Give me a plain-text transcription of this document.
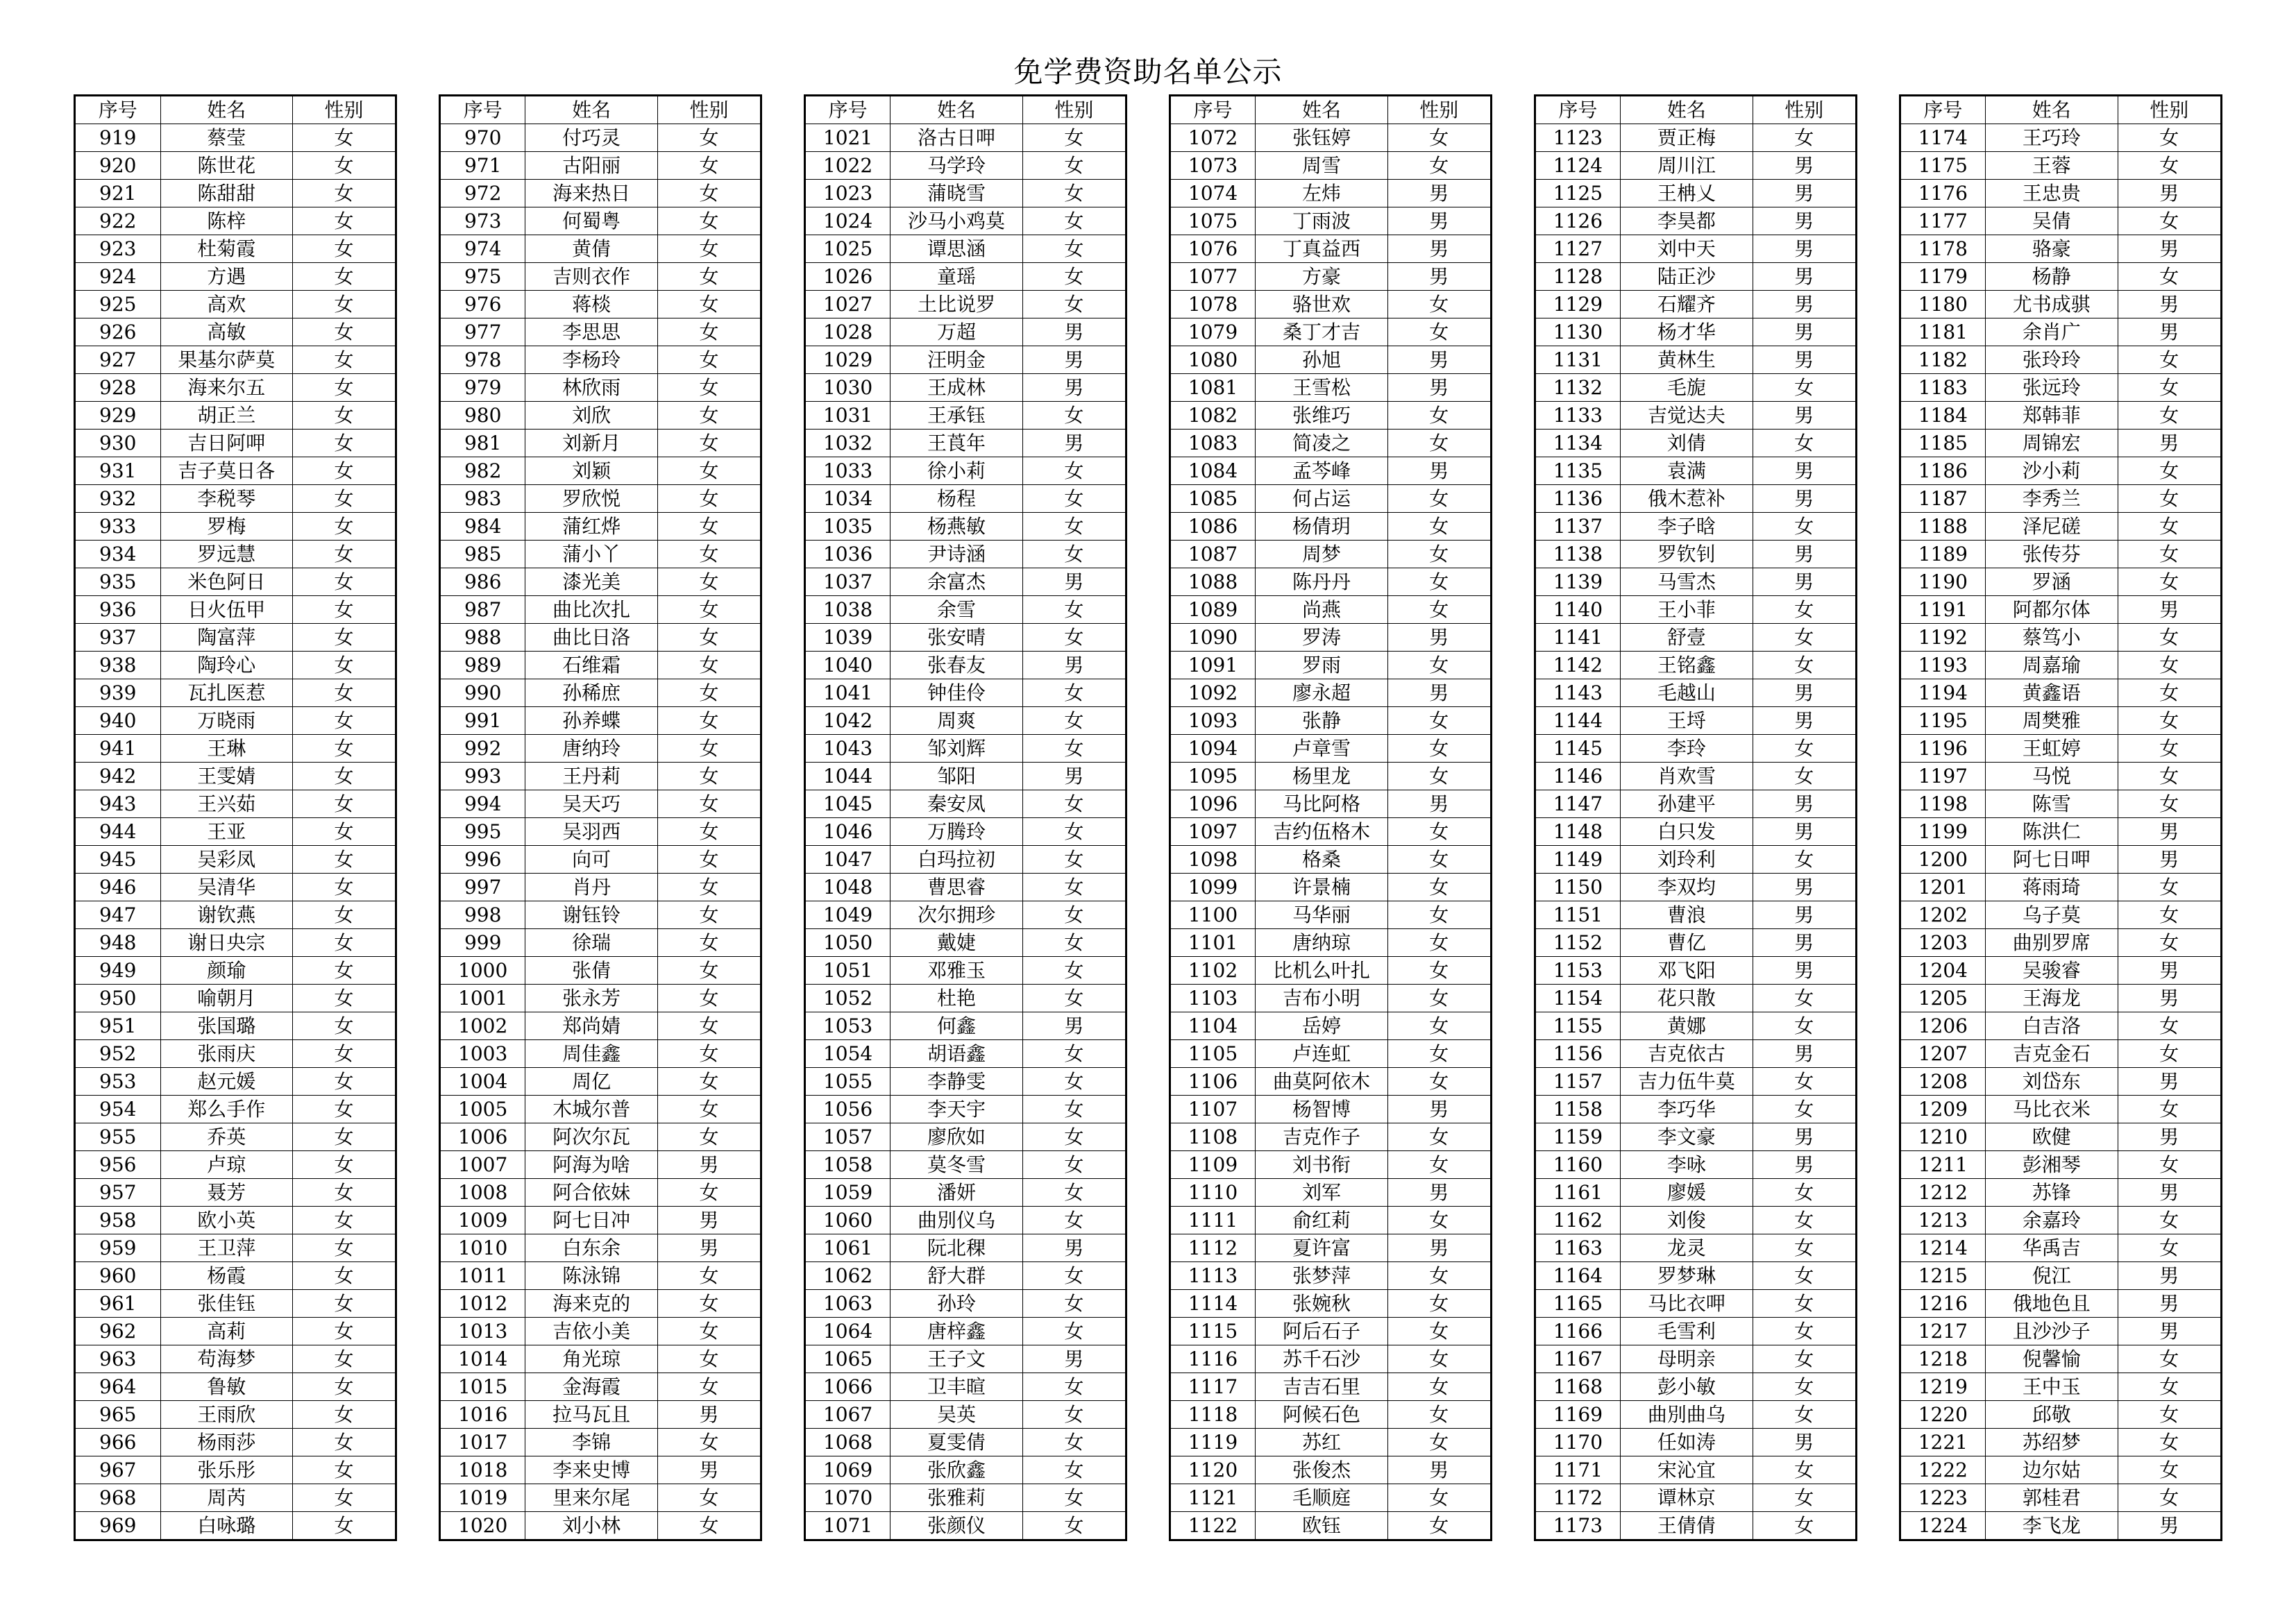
免学费资助名单公示
序号	姓名	性别		序号	姓名	性别		序号	姓名	性别		序号	姓名	性别		序号	姓名	性别		序号	姓名	性别
919	蔡莹	女		970	付巧灵	女		1021	洛古日呷	女		1072	张钰婷	女		1123	贾正梅	女		1174	王巧玲	女
920	陈世花	女		971	古阳丽	女		1022	马学玲	女		1073	周雪	女		1124	周川江	男		1175	王蓉	女
921	陈甜甜	女		972	海来热日	女		1023	蒲晓雪	女		1074	左炜	男		1125	王柟乂	男		1176	王忠贵	男
922	陈梓	女		973	何蜀粤	女		1024	沙马小鸡莫	女		1075	丁雨波	男		1126	李昊都	男		1177	吴倩	女
923	杜菊霞	女		974	黄倩	女		1025	谭思涵	女		1076	丁真益西	男		1127	刘中天	男		1178	骆豪	男
924	方遇	女		975	吉则衣作	女		1026	童瑶	女		1077	方豪	男		1128	陆正沙	男		1179	杨静	女
925	高欢	女		976	蒋棪	女		1027	土比说罗	女		1078	骆世欢	女		1129	石耀齐	男		1180	尤书成骐	男
926	高敏	女		977	李思思	女		1028	万超	男		1079	桑丁才吉	女		1130	杨才华	男		1181	余肖广	男
927	果基尔萨莫	女		978	李杨玲	女		1029	汪明金	男		1080	孙旭	男		1131	黄林生	男		1182	张玲玲	女
928	海来尔五	女		979	林欣雨	女		1030	王成林	男		1081	王雪松	男		1132	毛旎	女		1183	张远玲	女
929	胡正兰	女		980	刘欣	女		1031	王承钰	女		1082	张维巧	女		1133	吉觉达夫	男		1184	郑韩菲	女
930	吉日阿呷	女		981	刘新月	女		1032	王莨年	男		1083	简凌之	女		1134	刘倩	女		1185	周锦宏	男
931	吉子莫日各	女		982	刘颖	女		1033	徐小莉	女		1084	孟芩峰	男		1135	袁满	男		1186	沙小莉	女
932	李税琴	女		983	罗欣悦	女		1034	杨程	女		1085	何占运	女		1136	俄木惹补	男		1187	李秀兰	女
933	罗梅	女		984	蒲红烨	女		1035	杨燕敏	女		1086	杨倩玥	女		1137	李子晗	女		1188	泽尼磋	女
934	罗远慧	女		985	蒲小丫	女		1036	尹诗涵	女		1087	周梦	女		1138	罗钦钊	男		1189	张传芬	女
935	米色阿日	女		986	漆光美	女		1037	余富杰	男		1088	陈丹丹	女		1139	马雪杰	男		1190	罗涵	女
936	日火伍甲	女		987	曲比次扎	女		1038	余雪	女		1089	尚燕	女		1140	王小菲	女		1191	阿都尔体	男
937	陶富萍	女		988	曲比日洛	女		1039	张安晴	女		1090	罗涛	男		1141	舒壹	女		1192	蔡笃小	女
938	陶玲心	女		989	石维霜	女		1040	张春友	男		1091	罗雨	女		1142	王铭鑫	女		1193	周嘉瑜	女
939	瓦扎医惹	女		990	孙稀庶	女		1041	钟佳伶	女		1092	廖永超	男		1143	毛越山	男		1194	黄鑫语	女
940	万晓雨	女		991	孙养蝶	女		1042	周爽	女		1093	张静	女		1144	王埒	男		1195	周樊雅	女
941	王琳	女		992	唐纳玲	女		1043	邹刘辉	女		1094	卢章雪	女		1145	李玲	女		1196	王虹婷	女
942	王雯婧	女		993	王丹莉	女		1044	邹阳	男		1095	杨里龙	女		1146	肖欢雪	女		1197	马悦	女
943	王兴茹	女		994	吴天巧	女		1045	秦安凤	女		1096	马比阿格	男		1147	孙建平	男		1198	陈雪	女
944	王亚	女		995	吴羽西	女		1046	万腾玲	女		1097	吉约伍格木	女		1148	白只发	男		1199	陈洪仁	男
945	吴彩凤	女		996	向可	女		1047	白玛拉初	女		1098	格桑	女		1149	刘玲利	女		1200	阿七日呷	男
946	吴清华	女		997	肖丹	女		1048	曹思睿	女		1099	许景楠	女		1150	李双均	男		1201	蒋雨琦	女
947	谢钦燕	女		998	谢钰铃	女		1049	次尔拥珍	女		1100	马华丽	女		1151	曹浪	男		1202	乌子莫	女
948	谢日央宗	女		999	徐瑞	女		1050	戴婕	女		1101	唐纳琼	女		1152	曹亿	男		1203	曲别罗席	女
949	颜瑜	女		1000	张倩	女		1051	邓雅玉	女		1102	比机么叶扎	女		1153	邓飞阳	男		1204	吴骏睿	男
950	喻朝月	女		1001	张永芳	女		1052	杜艳	女		1103	吉布小明	女		1154	花只散	女		1205	王海龙	男
951	张国璐	女		1002	郑尚婧	女		1053	何鑫	男		1104	岳婷	女		1155	黄娜	女		1206	白吉洛	女
952	张雨庆	女		1003	周佳鑫	女		1054	胡语鑫	女		1105	卢连虹	女		1156	吉克依古	男		1207	吉克金石	女
953	赵元媛	女		1004	周亿	女		1055	李静雯	女		1106	曲莫阿依木	女		1157	吉力伍牛莫	女		1208	刘岱东	男
954	郑么手作	女		1005	木城尔普	女		1056	李天宇	女		1107	杨智博	男		1158	李巧华	女		1209	马比衣米	女
955	乔英	女		1006	阿次尔瓦	女		1057	廖欣如	女		1108	吉克作子	女		1159	李文豪	男		1210	欧健	男
956	卢琼	女		1007	阿海为啥	男		1058	莫冬雪	女		1109	刘书衔	女		1160	李咏	男		1211	彭湘琴	女
957	聂芳	女		1008	阿合依妹	女		1059	潘妍	女		1110	刘军	男		1161	廖媛	女		1212	苏锋	男
958	欧小英	女		1009	阿七日冲	男		1060	曲別仪乌	女		1111	俞红莉	女		1162	刘俊	女		1213	余嘉玲	女
959	王卫萍	女		1010	白东余	男		1061	阮北稞	男		1112	夏许富	男		1163	龙灵	女		1214	华禹吉	女
960	杨霞	女		1011	陈泳锦	女		1062	舒大群	女		1113	张梦萍	女		1164	罗梦琳	女		1215	倪江	男
961	张佳钰	女		1012	海来克的	女		1063	孙玲	女		1114	张婉秋	女		1165	马比衣呷	女		1216	俄地色且	男
962	高莉	女		1013	吉依小美	女		1064	唐梓鑫	女		1115	阿后石子	女		1166	毛雪利	女		1217	且沙沙子	男
963	苟海梦	女		1014	角光琼	女		1065	王子文	男		1116	苏千石沙	女		1167	母明亲	女		1218	倪馨愉	女
964	鲁敏	女		1015	金海霞	女		1066	卫丰暄	女		1117	吉吉石里	女		1168	彭小敏	女		1219	王中玉	女
965	王雨欣	女		1016	拉马瓦且	男		1067	吴英	女		1118	阿候石色	女		1169	曲別曲乌	女		1220	邱敬	女
966	杨雨莎	女		1017	李锦	女		1068	夏雯倩	女		1119	苏红	女		1170	任如涛	男		1221	苏绍梦	女
967	张乐彤	女		1018	李来史博	男		1069	张欣鑫	女		1120	张俊杰	男		1171	宋沁宜	女		1222	边尔姑	女
968	周芮	女		1019	里来尔尾	女		1070	张雅莉	女		1121	毛顺庭	女		1172	谭林京	女		1223	郭桂君	女
969	白咏璐	女		1020	刘小林	女		1071	张颜仪	女		1122	欧钰	女		1173	王倩倩	女		1224	李飞龙	男
